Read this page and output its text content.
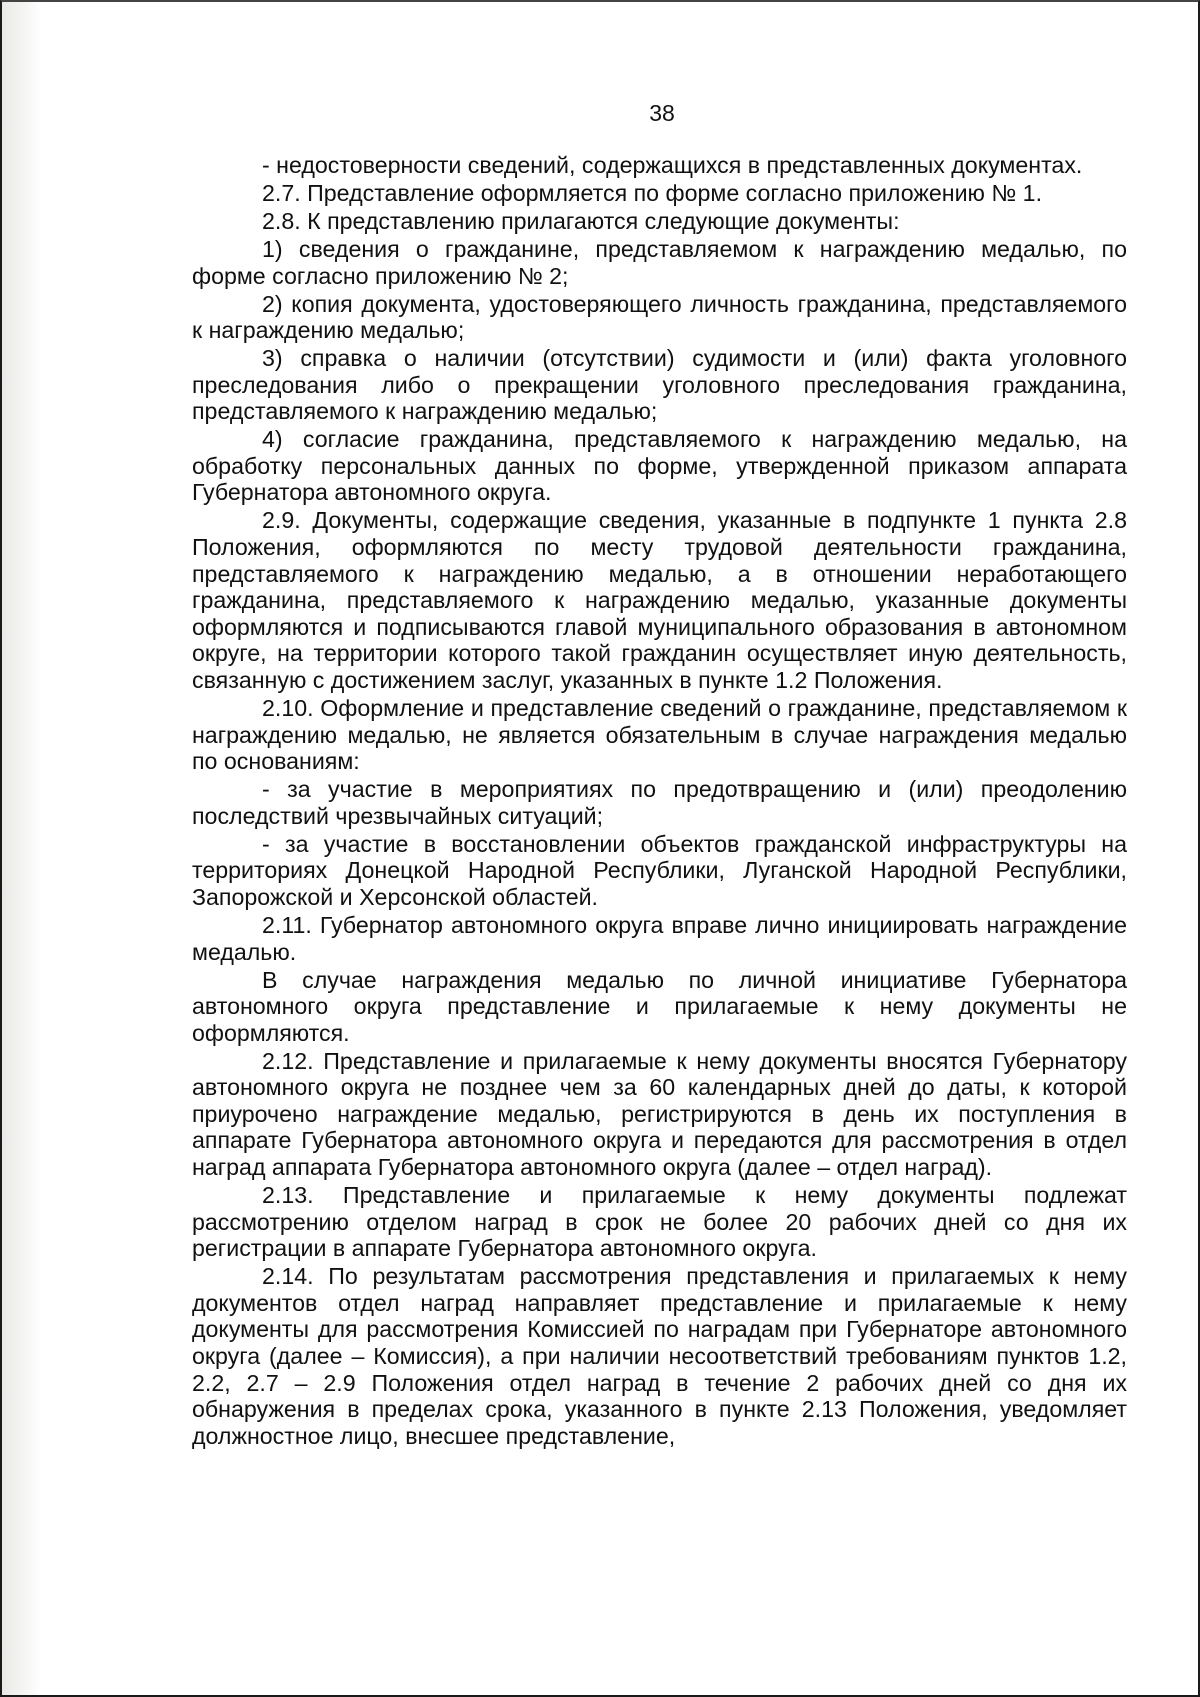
38

- недостоверности сведений, содержащихся в представленных документах.

2.7. Представление оформляется по форме согласно приложению № 1.

2.8. К представлению прилагаются следующие документы:

1) сведения о гражданине, представляемом к награждению медалью, по форме согласно приложению № 2;

2) копия документа, удостоверяющего личность гражданина, представляемого к награждению медалью;

3) справка о наличии (отсутствии) судимости и (или) факта уголовного преследования либо о прекращении уголовного преследования гражданина, представляемого к награждению медалью;

4) согласие гражданина, представляемого к награждению медалью, на обработку персональных данных по форме, утвержденной приказом аппарата Губернатора автономного округа.

2.9. Документы, содержащие сведения, указанные в подпункте 1 пункта 2.8 Положения, оформляются по месту трудовой деятельности гражданина, представляемого к награждению медалью, а в отношении неработающего гражданина, представляемого к награждению медалью, указанные документы оформляются и подписываются главой муниципального образования в автономном округе, на территории которого такой гражданин осуществляет иную деятельность, связанную с достижением заслуг, указанных в пункте 1.2 Положения.

2.10. Оформление и представление сведений о гражданине, представляемом к награждению медалью, не является обязательным в случае награждения медалью по основаниям:

- за участие в мероприятиях по предотвращению и (или) преодолению последствий чрезвычайных ситуаций;

- за участие в восстановлении объектов гражданской инфраструктуры на территориях Донецкой Народной Республики, Луганской Народной Республики, Запорожской и Херсонской областей.

2.11. Губернатор автономного округа вправе лично инициировать награждение медалью.

В случае награждения медалью по личной инициативе Губернатора автономного округа представление и прилагаемые к нему документы не оформляются.

2.12. Представление и прилагаемые к нему документы вносятся Губернатору автономного округа не позднее чем за 60 календарных дней до даты, к которой приурочено награждение медалью, регистрируются в день их поступления в аппарате Губернатора автономного округа и передаются для рассмотрения в отдел наград аппарата Губернатора автономного округа (далее – отдел наград).

2.13. Представление и прилагаемые к нему документы подлежат рассмотрению отделом наград в срок не более 20 рабочих дней со дня их регистрации в аппарате Губернатора автономного округа.

2.14. По результатам рассмотрения представления и прилагаемых к нему документов отдел наград направляет представление и прилагаемые к нему документы для рассмотрения Комиссией по наградам при Губернаторе автономного округа (далее – Комиссия), а при наличии несоответствий требованиям пунктов 1.2, 2.2, 2.7 – 2.9 Положения отдел наград в течение 2 рабочих дней со дня их обнаружения в пределах срока, указанного в пункте 2.13 Положения, уведомляет должностное лицо, внесшее представление,
